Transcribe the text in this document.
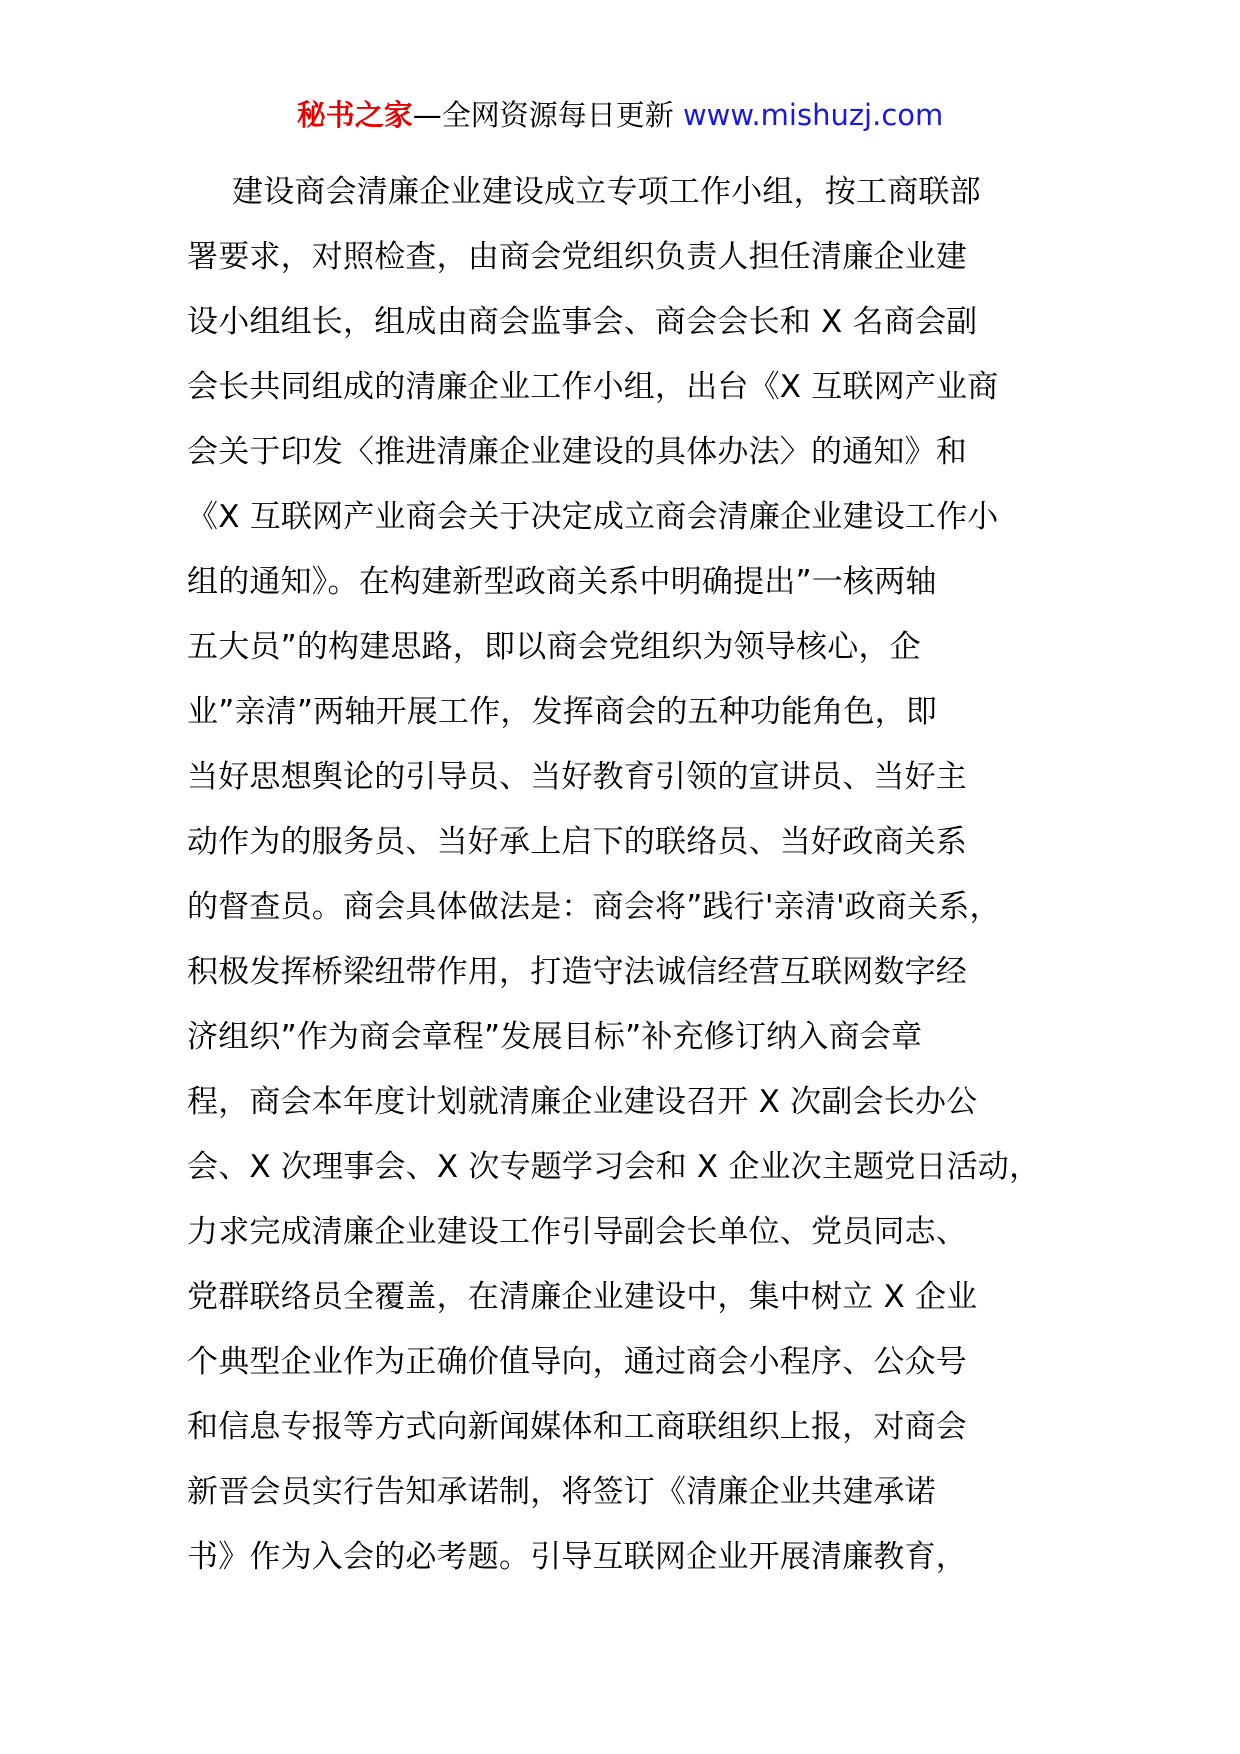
秘书之家—全网资源每日更新 www.mishuzj.com
建设商会清廉企业建设成立专项工作小组，按工商联部
署要求，对照检查，由商会党组织负责人担任清廉企业建
设小组组长，组成由商会监事会、商会会长和 X 名商会副
会长共同组成的清廉企业工作小组，出台《X 互联网产业商
会关于印发〈推进清廉企业建设的具体办法〉的通知》和
《X 互联网产业商会关于决定成立商会清廉企业建设工作小
组的通知》。在构建新型政商关系中明确提出”一核两轴
五大员”的构建思路，即以商会党组织为领导核心，企
业”亲清”两轴开展工作，发挥商会的五种功能角色，即
当好思想舆论的引导员、当好教育引领的宣讲员、当好主
动作为的服务员、当好承上启下的联络员、当好政商关系
的督查员。商会具体做法是：商会将”践行'亲清'政商关系，
积极发挥桥梁纽带作用，打造守法诚信经营互联网数字经
济组织”作为商会章程”发展目标”补充修订纳入商会章
程，商会本年度计划就清廉企业建设召开 X 次副会长办公
会、X 次理事会、X 次专题学习会和 X 企业次主题党日活动，
力求完成清廉企业建设工作引导副会长单位、党员同志、
党群联络员全覆盖，在清廉企业建设中，集中树立 X 企业
个典型企业作为正确价值导向，通过商会小程序、公众号
和信息专报等方式向新闻媒体和工商联组织上报，对商会
新晋会员实行告知承诺制，将签订《清廉企业共建承诺
书》作为入会的必考题。引导互联网企业开展清廉教育，
